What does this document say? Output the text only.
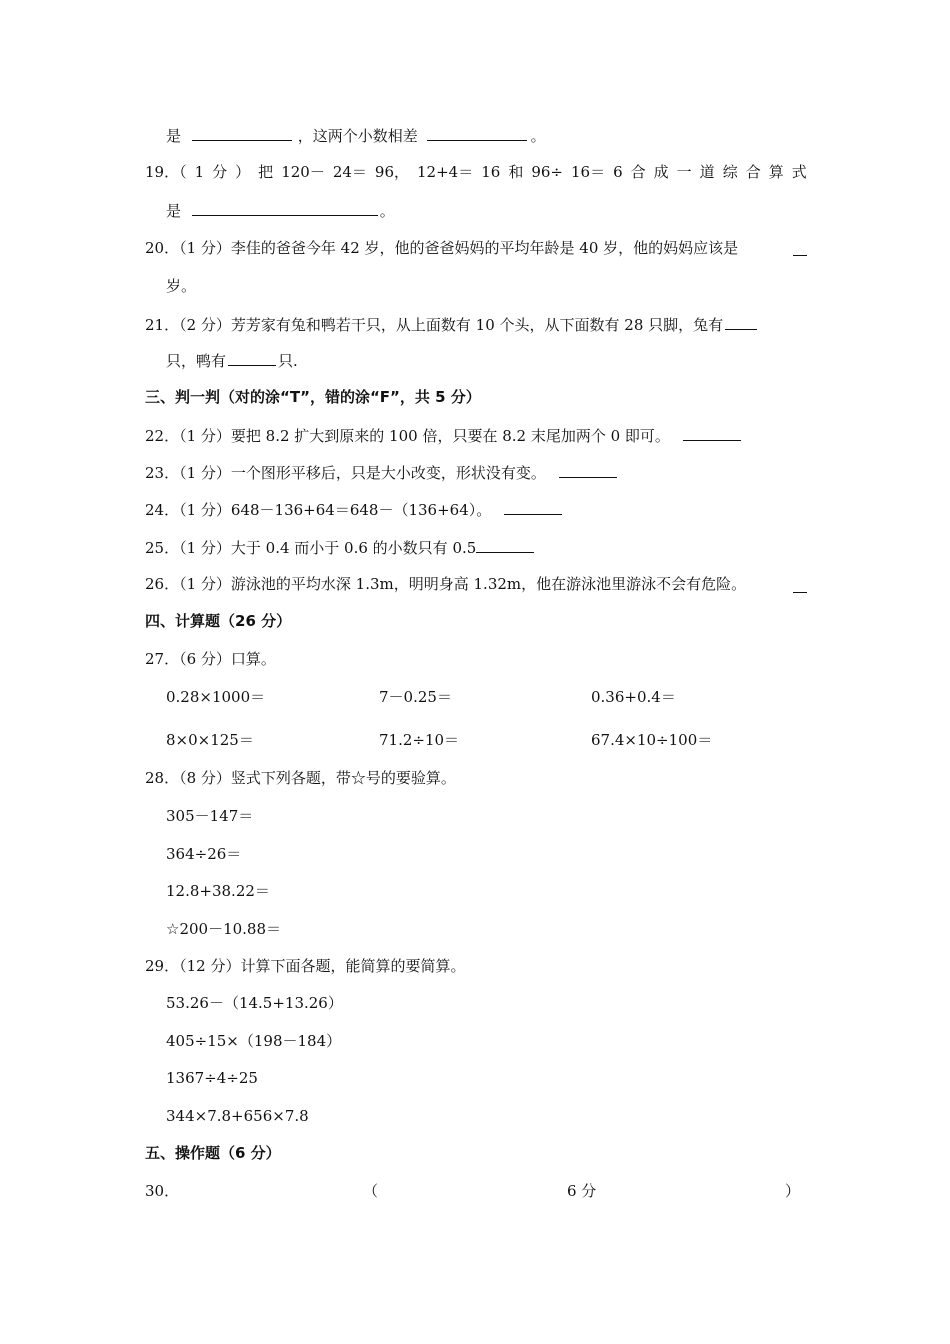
是	，这两个小数相差	。
19．（ 1 分 ） 把 120－ 24＝ 96， 12+4＝ 16 和 96÷ 16＝ 6 合 成 一 道 综 合 算 式
是	。
20．（1 分）李佳的爸爸今年 42 岁，他的爸爸妈妈的平均年龄是 40 岁，他的妈妈应该是
岁。
21．（2 分）芳芳家有兔和鸭若干只，从上面数有 10 个头，从下面数有 28 只脚，兔有
只，鸭有	只.
三、判一判（对的涂“T”，错的涂“F”，共 5 分）
22．（1 分）要把 8.2 扩大到原来的 100 倍，只要在 8.2 末尾加两个 0 即可。
23．（1 分）一个图形平移后，只是大小改变，形状没有变。
24．（1 分）648－136+64＝648－（136+64）。
25．（1 分）大于 0.4 而小于 0.6 的小数只有 0.5
26．（1 分）游泳池的平均水深 1.3m，明明身高 1.32m，他在游泳池里游泳不会有危险。
四、计算题（26 分）
27．（6 分）口算。
0.28×1000＝	7－0.25＝	0.36+0.4＝
8×0×125＝	71.2÷10＝	67.4×10÷100＝
28．（8 分）竖式下列各题，带☆号的要验算。
305－147＝
364÷26＝
12.8+38.22＝
☆200－10.88＝
29．（12 分）计算下面各题，能简算的要简算。
53.26－（14.5+13.26）
405÷15×（198－184）
1367÷4÷25
344×7.8+656×7.8
五、操作题（6 分）
30．	（	6 分	）
